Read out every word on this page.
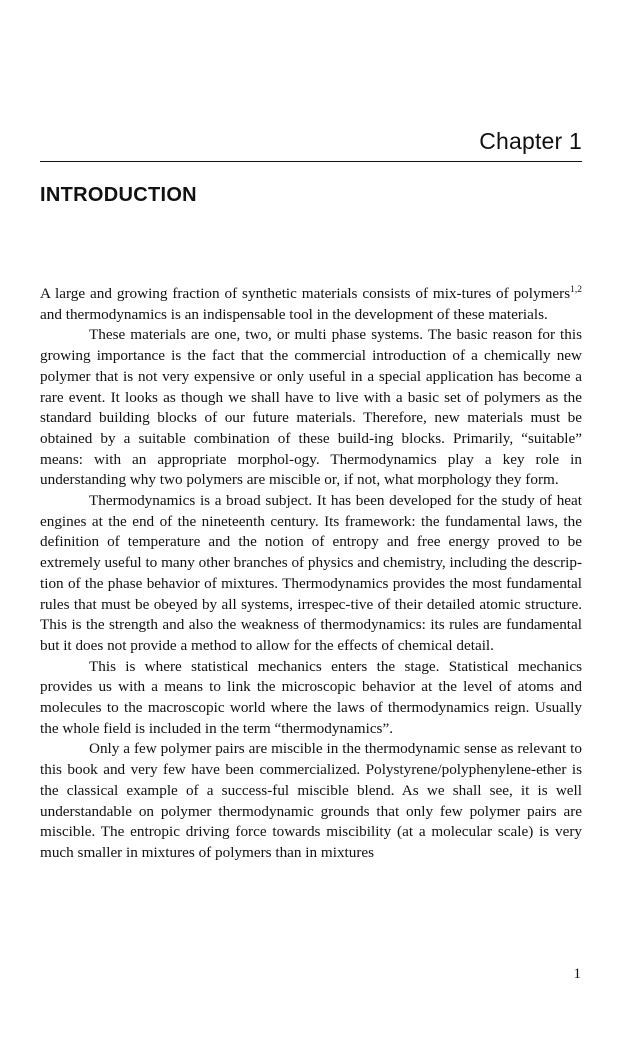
Chapter 1
INTRODUCTION

A large and growing fraction of synthetic materials consists of mix-tures of polymers$^{1,2}$ and thermodynamics is an indispensable tool in the development of these materials.

These materials are one, two, or multi phase systems. The basic reason for this growing importance is the fact that the commercial introduction of a chemically new polymer that is not very expensive or only useful in a special application has become a rare event. It looks as though we shall have to live with a basic set of polymers as the standard building blocks of our future materials. Therefore, new materials must be obtained by a suitable combination of these build-ing blocks. Primarily, “suitable” means: with an appropriate morphol-ogy. Thermodynamics play a key role in understanding why two polymers are miscible or, if not, what morphology they form.

Thermodynamics is a broad subject. It has been developed for the study of heat engines at the end of the nineteenth century. Its framework: the fundamental laws, the definition of temperature and the notion of entropy and free energy proved to be extremely useful to many other branches of physics and chemistry, including the descrip-tion of the phase behavior of mixtures. Thermodynamics provides the most fundamental rules that must be obeyed by all systems, irrespec-tive of their detailed atomic structure. This is the strength and also the weakness of thermodynamics: its rules are fundamental but it does not provide a method to allow for the effects of chemical detail.

This is where statistical mechanics enters the stage. Statistical mechanics provides us with a means to link the microscopic behavior at the level of atoms and molecules to the macroscopic world where the laws of thermodynamics reign. Usually the whole field is included in the term “thermodynamics”.

Only a few polymer pairs are miscible in the thermodynamic sense as relevant to this book and very few have been commercialized. Polystyrene/polyphenylene-ether is the classical example of a success-ful miscible blend. As we shall see, it is well understandable on polymer thermodynamic grounds that only few polymer pairs are miscible. The entropic driving force towards miscibility (at a molecular scale) is very much smaller in mixtures of polymers than in mixtures

1
